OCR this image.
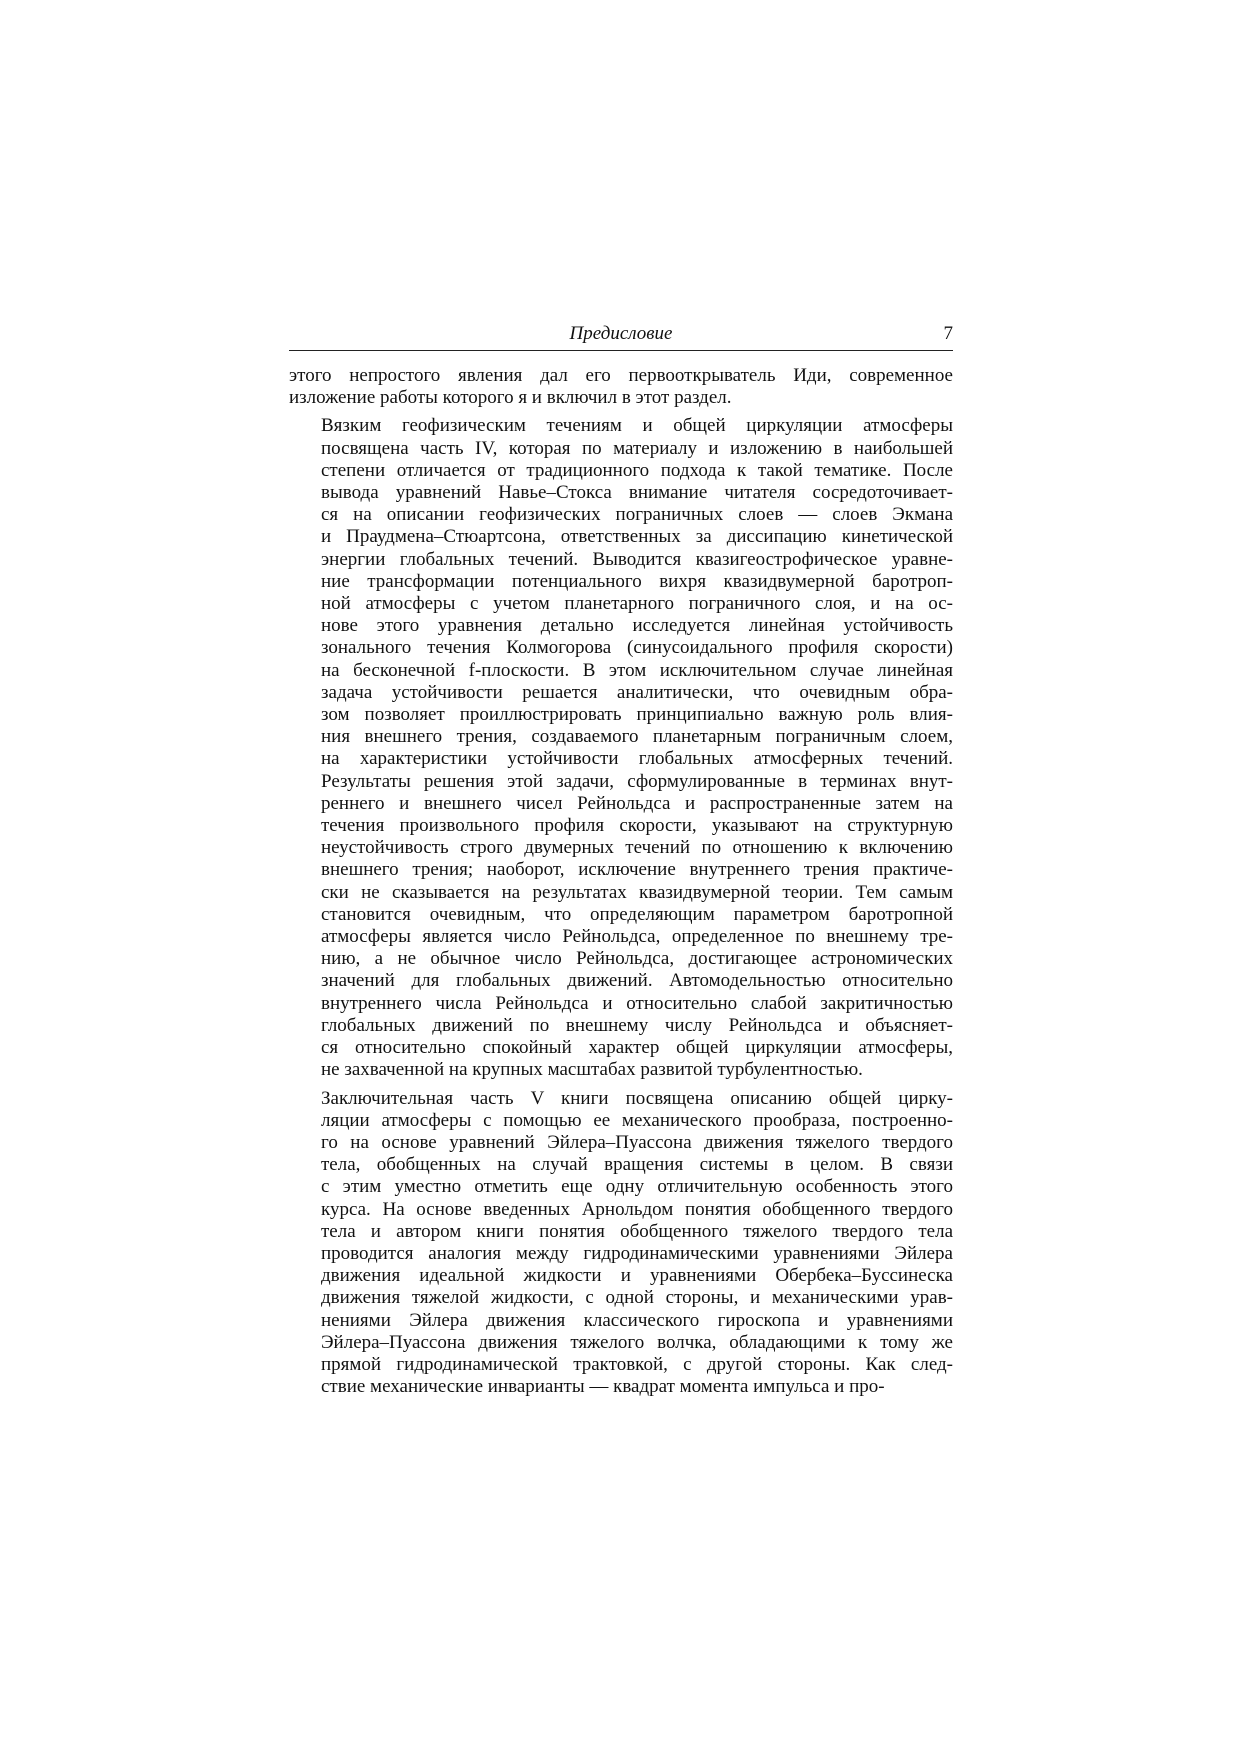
Предисловие	7

этого непростого явления дал его первооткрыватель Иди, современное
изложение работы которого я и включил в этот раздел.

Вязким геофизическим течениям и общей циркуляции атмосферы
посвящена часть IV, которая по материалу и изложению в наибольшей
степени отличается от традиционного подхода к такой тематике. После
вывода уравнений Навье–Стокса внимание читателя сосредоточивает-
ся на описании геофизических пограничных слоев — слоев Экмана
и Праудмена–Стюартсона, ответственных за диссипацию кинетической
энергии глобальных течений. Выводится квазигеострофическое уравне-
ние трансформации потенциального вихря квазидвумерной баротроп-
ной атмосферы с учетом планетарного пограничного слоя, и на ос-
нове этого уравнения детально исследуется линейная устойчивость
зонального течения Колмогорова (синусоидального профиля скорости)
на бесконечной f-плоскости. В этом исключительном случае линейная
задача устойчивости решается аналитически, что очевидным обра-
зом позволяет проиллюстрировать принципиально важную роль влия-
ния внешнего трения, создаваемого планетарным пограничным слоем,
на характеристики устойчивости глобальных атмосферных течений.
Результаты решения этой задачи, сформулированные в терминах внут-
реннего и внешнего чисел Рейнольдса и распространенные затем на
течения произвольного профиля скорости, указывают на структурную
неустойчивость строго двумерных течений по отношению к включению
внешнего трения; наоборот, исключение внутреннего трения практиче-
ски не сказывается на результатах квазидвумерной теории. Тем самым
становится очевидным, что определяющим параметром баротропной
атмосферы является число Рейнольдса, определенное по внешнему тре-
нию, а не обычное число Рейнольдса, достигающее астрономических
значений для глобальных движений. Автомодельностью относительно
внутреннего числа Рейнольдса и относительно слабой закритичностью
глобальных движений по внешнему числу Рейнольдса и объясняет-
ся относительно спокойный характер общей циркуляции атмосферы,
не захваченной на крупных масштабах развитой турбулентностью.

Заключительная часть V книги посвящена описанию общей цирку-
ляции атмосферы с помощью ее механического прообраза, построенно-
го на основе уравнений Эйлера–Пуассона движения тяжелого твердого
тела, обобщенных на случай вращения системы в целом. В связи
с этим уместно отметить еще одну отличительную особенность этого
курса. На основе введенных Арнольдом понятия обобщенного твердого
тела и автором книги понятия обобщенного тяжелого твердого тела
проводится аналогия между гидродинамическими уравнениями Эйлера
движения идеальной жидкости и уравнениями Обербека–Буссинеска
движения тяжелой жидкости, с одной стороны, и механическими урав-
нениями Эйлера движения классического гироскопа и уравнениями
Эйлера–Пуассона движения тяжелого волчка, обладающими к тому же
прямой гидродинамической трактовкой, с другой стороны. Как след-
ствие механические инварианты — квадрат момента импульса и про-
